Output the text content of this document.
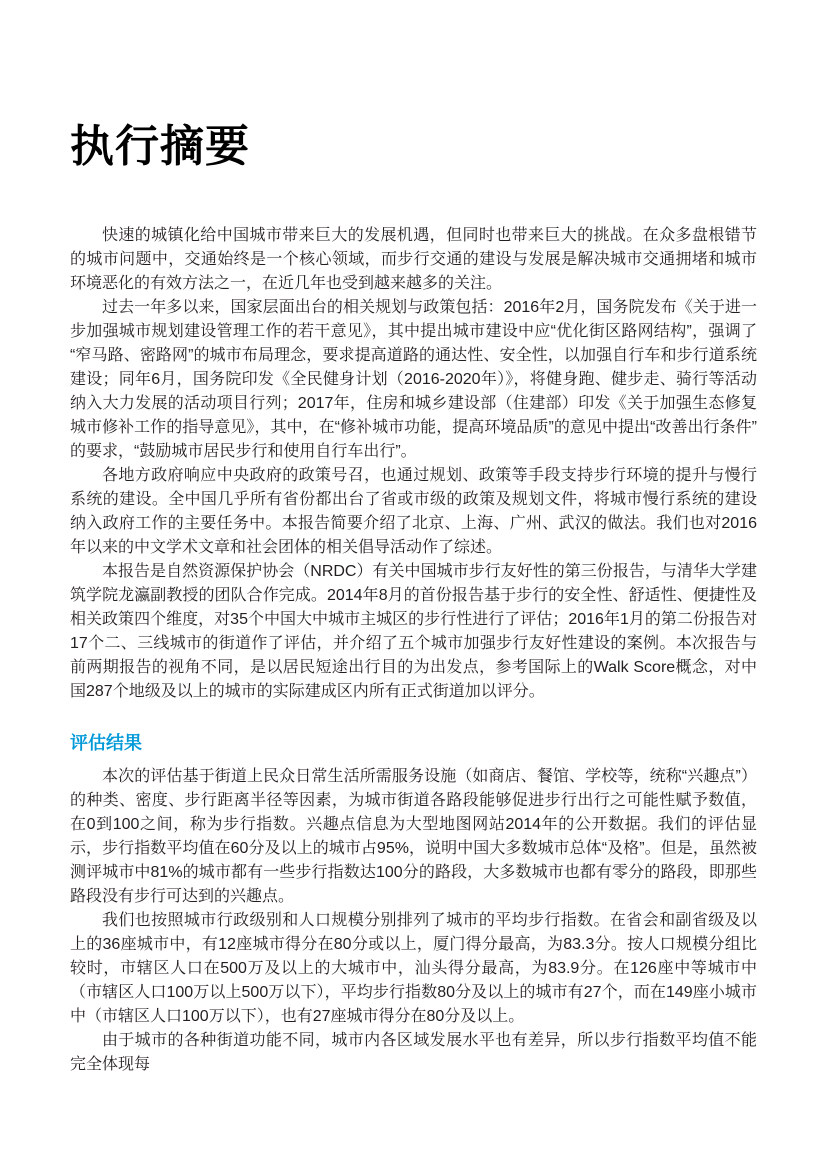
执行摘要

快速的城镇化给中国城市带来巨大的发展机遇，但同时也带来巨大的挑战。在众多盘根错节的城市问题中，交通始终是一个核心领域，而步行交通的建设与发展是解决城市交通拥堵和城市环境恶化的有效方法之一，在近几年也受到越来越多的关注。

过去一年多以来，国家层面出台的相关规划与政策包括：2016年2月，国务院发布《关于进一步加强城市规划建设管理工作的若干意见》，其中提出城市建设中应“优化街区路网结构”，强调了“窄马路、密路网”的城市布局理念，要求提高道路的通达性、安全性，以加强自行车和步行道系统建设；同年6月，国务院印发《全民健身计划（2016-2020年）》，将健身跑、健步走、骑行等活动纳入大力发展的活动项目行列；2017年，住房和城乡建设部（住建部）印发《关于加强生态修复城市修补工作的指导意见》，其中，在“修补城市功能，提高环境品质”的意见中提出“改善出行条件”的要求，“鼓励城市居民步行和使用自行车出行”。

各地方政府响应中央政府的政策号召，也通过规划、政策等手段支持步行环境的提升与慢行系统的建设。全中国几乎所有省份都出台了省或市级的政策及规划文件，将城市慢行系统的建设纳入政府工作的主要任务中。本报告简要介绍了北京、上海、广州、武汉的做法。我们也对2016年以来的中文学术文章和社会团体的相关倡导活动作了综述。

本报告是自然资源保护协会（NRDC）有关中国城市步行友好性的第三份报告，与清华大学建筑学院龙瀛副教授的团队合作完成。2014年8月的首份报告基于步行的安全性、舒适性、便捷性及相关政策四个维度，对35个中国大中城市主城区的步行性进行了评估；2016年1月的第二份报告对17个二、三线城市的街道作了评估，并介绍了五个城市加强步行友好性建设的案例。本次报告与前两期报告的视角不同，是以居民短途出行目的为出发点，参考国际上的Walk Score概念，对中国287个地级及以上的城市的实际建成区内所有正式街道加以评分。

评估结果

本次的评估基于街道上民众日常生活所需服务设施（如商店、餐馆、学校等，统称“兴趣点”）的种类、密度、步行距离半径等因素，为城市街道各路段能够促进步行出行之可能性赋予数值，在0到100之间，称为步行指数。兴趣点信息为大型地图网站2014年的公开数据。我们的评估显示，步行指数平均值在60分及以上的城市占95%，说明中国大多数城市总体“及格”。但是，虽然被测评城市中81%的城市都有一些步行指数达100分的路段，大多数城市也都有零分的路段，即那些路段没有步行可达到的兴趣点。

我们也按照城市行政级别和人口规模分别排列了城市的平均步行指数。在省会和副省级及以上的36座城市中，有12座城市得分在80分或以上，厦门得分最高，为83.3分。按人口规模分组比较时，市辖区人口在500万及以上的大城市中，汕头得分最高，为83.9分。在126座中等城市中（市辖区人口100万以上500万以下），平均步行指数80分及以上的城市有27个，而在149座小城市中（市辖区人口100万以下），也有27座城市得分在80分及以上。

由于城市的各种街道功能不同，城市内各区域发展水平也有差异，所以步行指数平均值不能完全体现每
